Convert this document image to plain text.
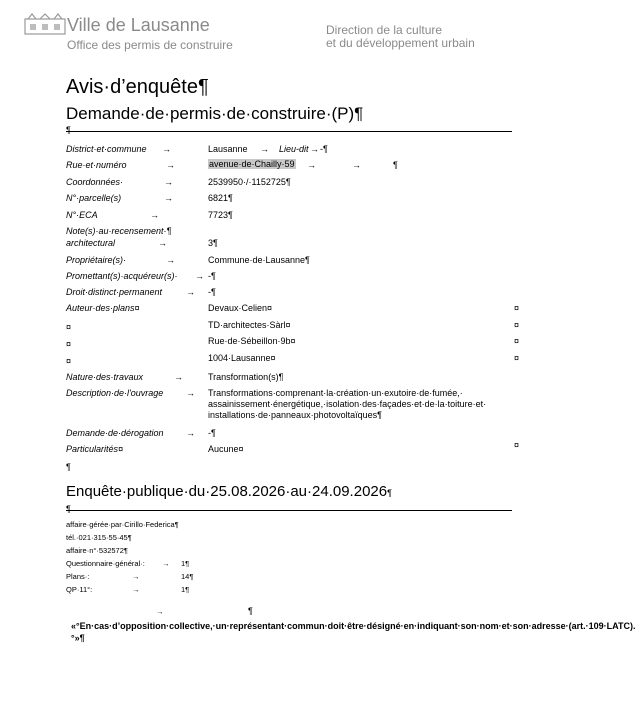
Ville de Lausanne
Office des permis de construire
Direction de la culture
et du développement urbain
Avis·d’enquête¶
Demande·de·permis·de·construire·(P)¶
¶
District·et·commune →	Lausanne → Lieu-dit → -¶
Rue·et·numéro	→	avenue·de·Chailly·59 →	→	¶
Coordonnées·	→	2539950·/·1152725¶
N°·parcelle(s)	→	6821¶
N°·ECA	→	7723¶
Note(s)·au·recensement·¶
architectural	→	3¶
Propriétaire(s)·	→	Commune·de·Lausanne¶
Promettant(s)·acquéreur(s)· → -¶
Droit·distinct·permanent	→ -¶
Auteur·des·plans¤	Devaux·Celien¤	¤
¤	TD·architectes·Sàrl¤	¤
¤	Rue·de·Sébeillon·9b¤	¤
¤	1004·Lausanne¤	¤
Nature·des·travaux	→	Transformation(s)¶
Description·de·l'ouvrage	→ Transformations·comprenant·la·création·un·exutoire·de·fumée,·
assainissement·énergétique,·isolation·des·façades·et·de·la·toiture·et·
installations·de·panneaux·photovoltaïques¶
Demande·de·dérogation → -¶
Particularités¤	Aucune¤	¤
¶
Enquête·publique·du·25.08.2026·au·24.09.2026¶
¶
affaire·gérée·par·Cirillo·Federica¶
tél.·021·315·55·45¶
affaire·n°·532572¶
Questionnaire·général·: → 1¶
Plans·:	→	14¶
QP·11°:	→	1¶
→	¶
«°En·cas·d’opposition·collective,·un·représentant·commun·doit·être·désigné·en·indiquant·son·nom·et·son·adresse·(art.·109·LATC).°»¶
